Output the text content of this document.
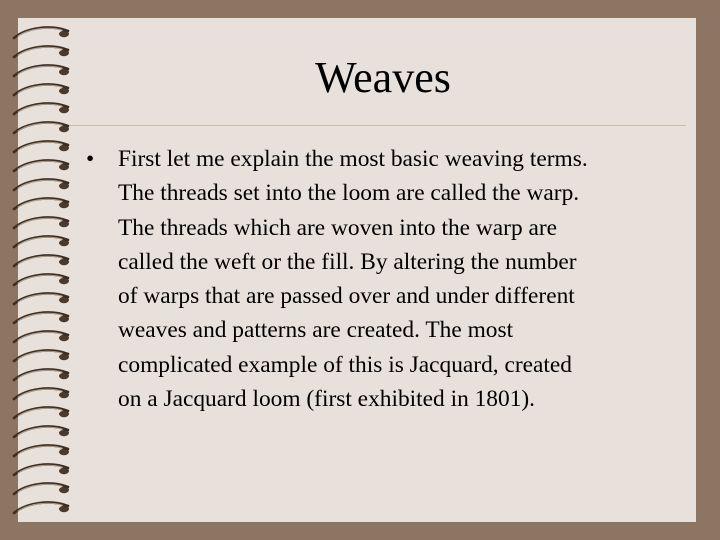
Weaves
•	First let me explain the most basic weaving terms.
The threads set into the loom are called the warp.
The threads which are woven into the warp are
called the weft or the fill. By altering the number
of warps that are passed over and under different
weaves and patterns are created. The most
complicated example of this is Jacquard, created
on a Jacquard loom (first exhibited in 1801).
